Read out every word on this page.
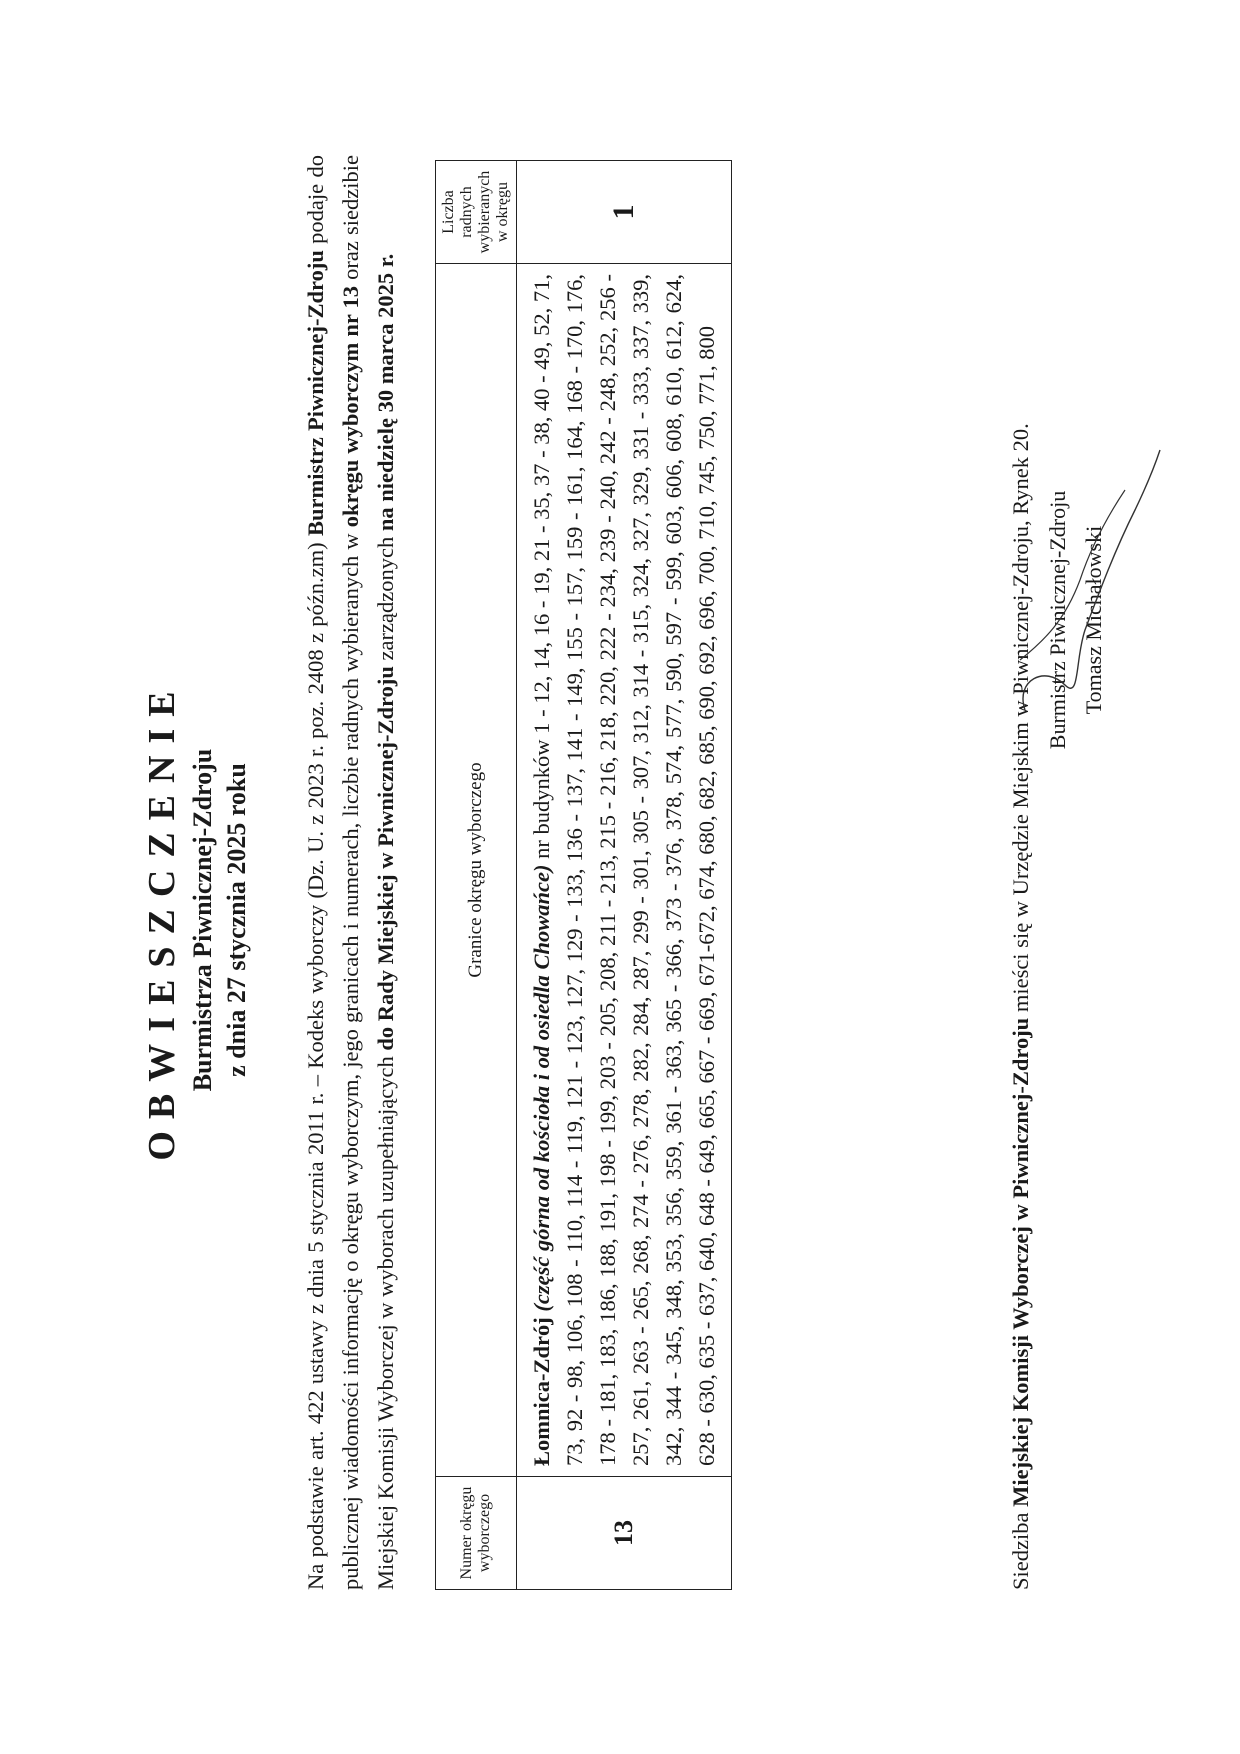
OBWIESZCZENIE Burmistrza Piwnicznej-Zdroju z dnia 27 stycznia 2025 roku Na podstawie art. 422 ustawy z dnia 5 stycznia 2011 r. – Kodeks wyborczy (Dz. U. z 2023 r. poz. 2408 z późn.zm) Burmistrz Piwnicznej-Zdroju podaje do publicznej wiadomości informację o okręgu wyborczym, jego granicach i numerach, liczbie radnych wybieranych w okręgu wyborczym nr 13 oraz siedzibie Miejskiej Komisji Wyborczej w wyborach uzupełniających do Rady Miejskiej w Piwnicznej-Zdroju zarządzonych na niedzielę 30 marca 2025 r.

Numer okręgu wyborczego	Granice okręgu wyborczego	Liczba radnych wybieranych w okręgu
13	Łomnica-Zdrój (część górna od kościoła i od osiedla Chowańce) nr budynków 1 - 12, 14, 16 - 19, 21 - 35, 37 - 38, 40 - 49, 52, 71, 73, 92 - 98, 106, 108 - 110, 114 - 119, 121 - 123, 127, 129 - 133, 136 - 137, 141 - 149, 155 - 157, 159 - 161, 164, 168 - 170, 176, 178 - 181, 183, 186, 188, 191, 198 - 199, 203 - 205, 208, 211 - 213, 215 - 216, 218, 220, 222 - 234, 239 - 240, 242 - 248, 252, 256 - 257, 261, 263 - 265, 268, 274 - 276, 278, 282, 284, 287, 299 - 301, 305 - 307, 312, 314 - 315, 324, 327, 329, 331 - 333, 337, 339, 342, 344 - 345, 348, 353, 356, 359, 361 - 363, 365 - 366, 373 - 376, 378, 574, 577, 590, 597 - 599, 603, 606, 608, 610, 612, 624, 628 - 630, 635 - 637, 640, 648 - 649, 665, 667 - 669, 671-672, 674, 680, 682, 685, 690, 692, 696, 700, 710, 745, 750, 771, 800	1

Siedziba Miejskiej Komisji Wyborczej w Piwnicznej-Zdroju mieści się w Urzędzie Miejskim w Piwnicznej-Zdroju, Rynek 20. Burmistrz Piwnicznej-Zdroju Tomasz Michałowski
